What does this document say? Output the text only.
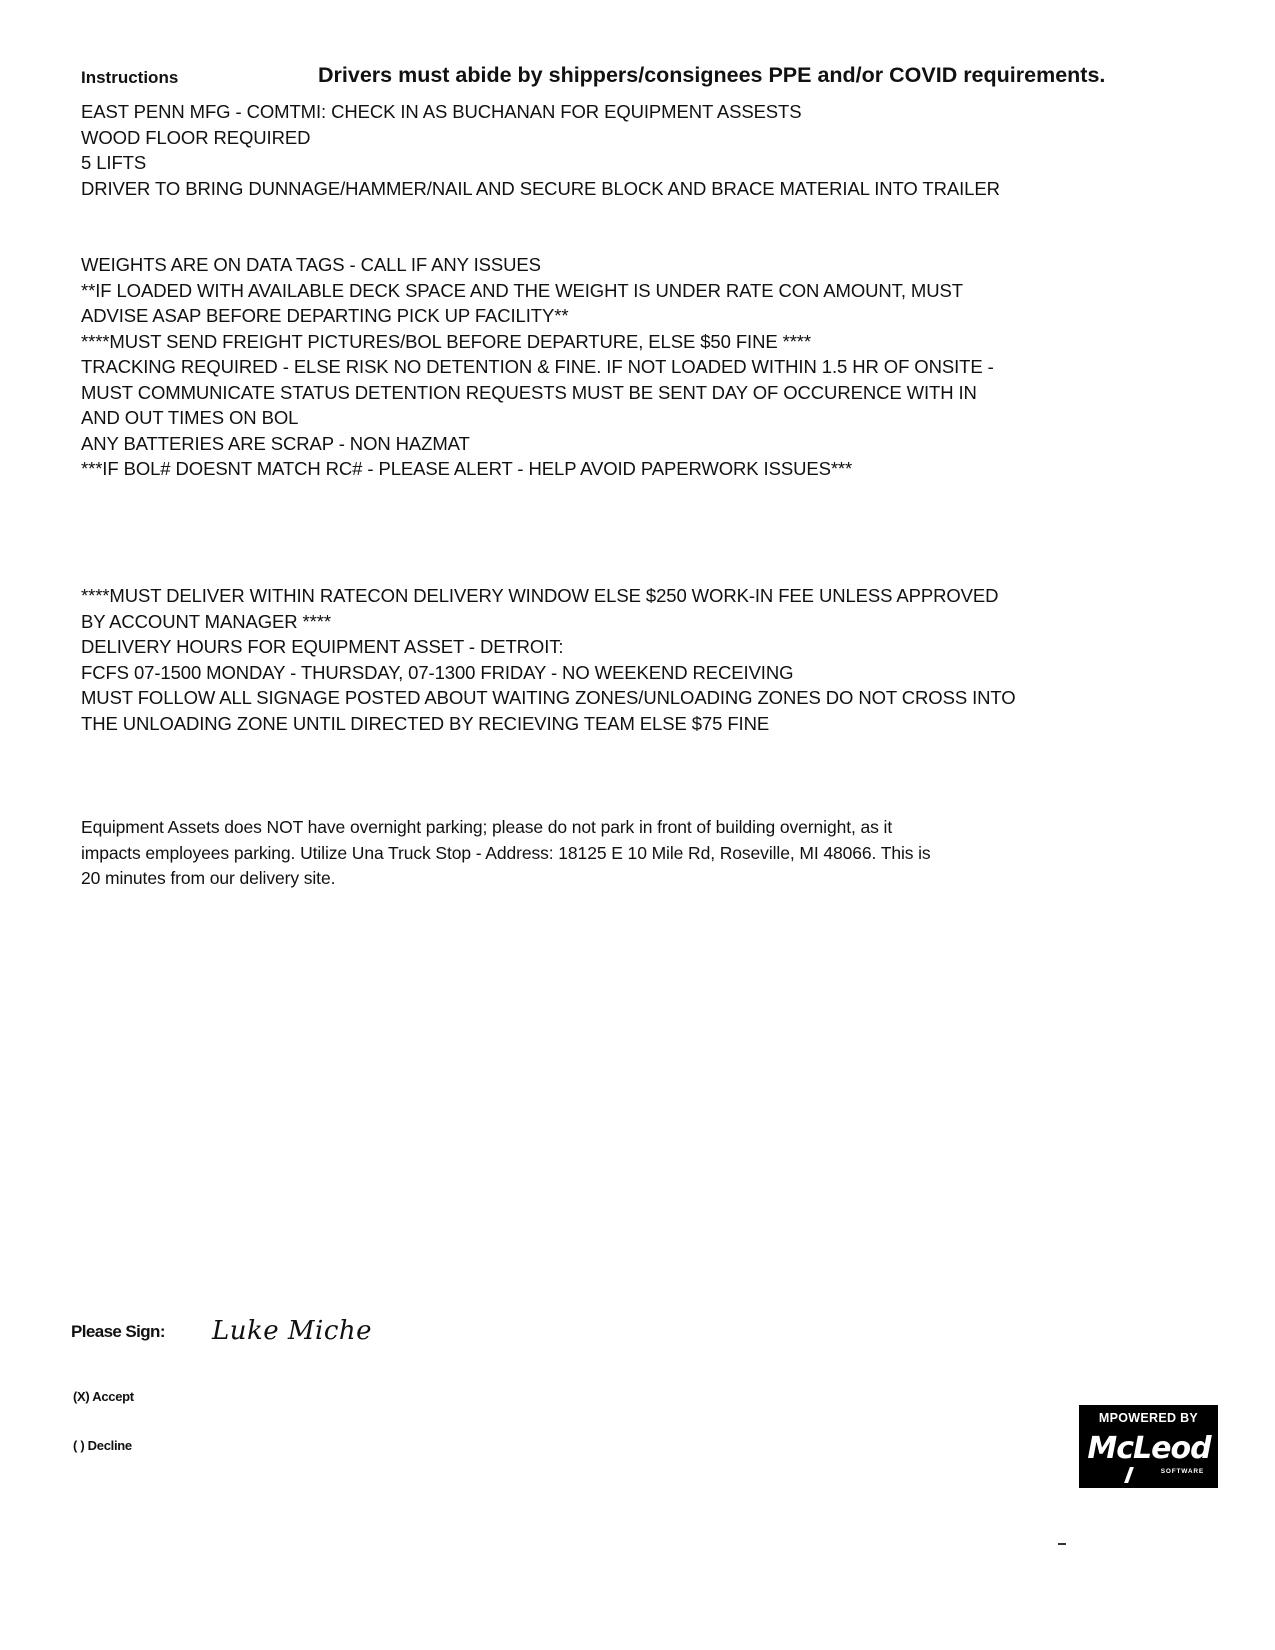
Instructions	Drivers must abide by shippers/consignees PPE and/or COVID requirements.
EAST PENN MFG - COMTMI: CHECK IN AS BUCHANAN FOR EQUIPMENT ASSESTS
WOOD FLOOR REQUIRED
5 LIFTS
DRIVER TO BRING DUNNAGE/HAMMER/NAIL AND SECURE BLOCK AND BRACE MATERIAL INTO TRAILER
WEIGHTS ARE ON DATA TAGS - CALL IF ANY ISSUES
**IF LOADED WITH AVAILABLE DECK SPACE AND THE WEIGHT IS UNDER RATE CON AMOUNT, MUST
ADVISE ASAP BEFORE DEPARTING PICK UP FACILITY**
****MUST SEND FREIGHT PICTURES/BOL BEFORE DEPARTURE, ELSE $50 FINE ****
TRACKING REQUIRED - ELSE RISK NO DETENTION & FINE. IF NOT LOADED WITHIN 1.5 HR OF ONSITE -
MUST COMMUNICATE STATUS DETENTION REQUESTS MUST BE SENT DAY OF OCCURENCE WITH IN
AND OUT TIMES ON BOL
ANY BATTERIES ARE SCRAP - NON HAZMAT
***IF BOL# DOESNT MATCH RC# - PLEASE ALERT - HELP AVOID PAPERWORK ISSUES***
****MUST DELIVER WITHIN RATECON DELIVERY WINDOW ELSE $250 WORK-IN FEE UNLESS APPROVED
BY ACCOUNT MANAGER ****
DELIVERY HOURS FOR EQUIPMENT ASSET - DETROIT:
FCFS 07-1500 MONDAY - THURSDAY, 07-1300 FRIDAY - NO WEEKEND RECEIVING
MUST FOLLOW ALL SIGNAGE POSTED ABOUT WAITING ZONES/UNLOADING ZONES DO NOT CROSS INTO
THE UNLOADING ZONE UNTIL DIRECTED BY RECIEVING TEAM ELSE $75 FINE
Equipment Assets does NOT have overnight parking; please do not park in front of building overnight, as it
impacts employees parking. Utilize Una Truck Stop - Address: 18125 E 10 Mile Rd, Roseville, MI 48066. This is
20 minutes from our delivery site.
Please Sign: Luke Miche
(X) Accept
( ) Decline
MPOWERED BY
McLeod
SOFTWARE
